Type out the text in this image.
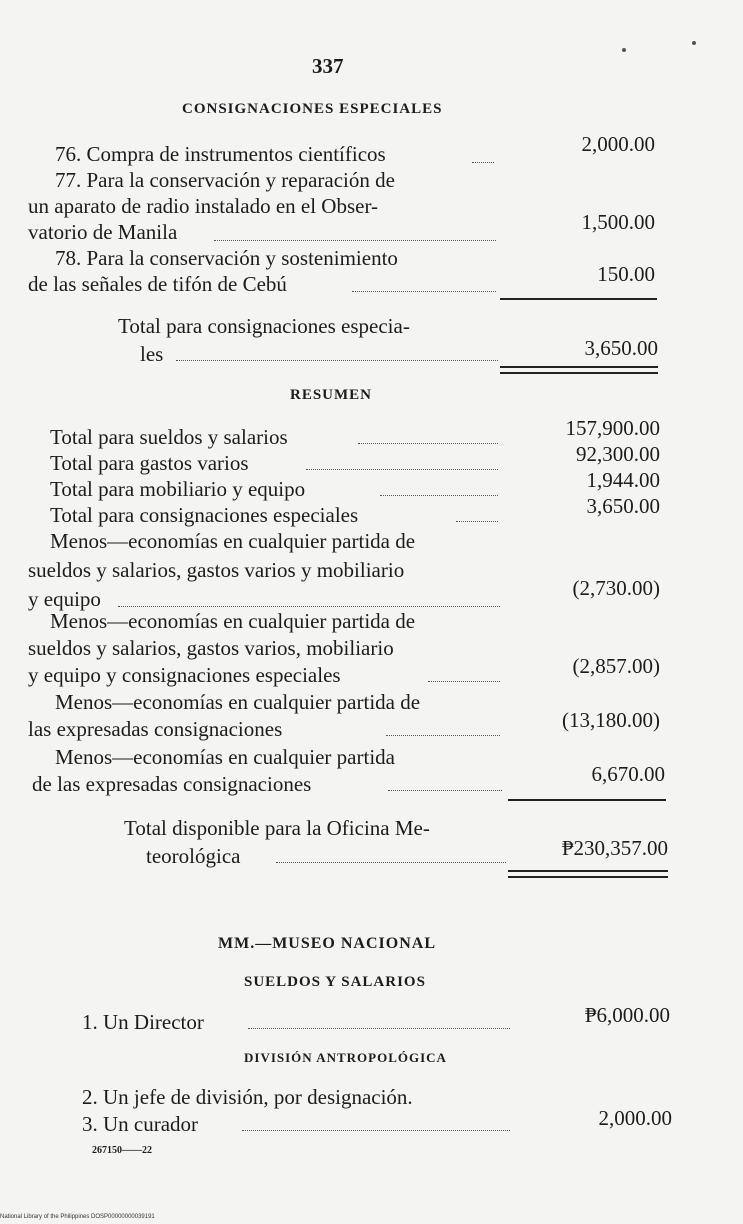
337
CONSIGNACIONES ESPECIALES
76. Compra de instrumentos científicos	2,000.00
77. Para la conservación y reparación de
un aparato de radio instalado en el Obser-
vatorio de Manila	1,500.00
78. Para la conservación y sostenimiento
de las señales de tifón de Cebú	150.00
Total para consignaciones especia-
les	3,650.00
RESUMEN
Total para sueldos y salarios	157,900.00
Total para gastos varios	92,300.00
Total para mobiliario y equipo	1,944.00
Total para consignaciones especiales	3,650.00
Menos—economías en cualquier partida de
sueldos y salarios, gastos varios y mobiliario
y equipo	(2,730.00)
Menos—economías en cualquier partida de
sueldos y salarios, gastos varios, mobiliario
y equipo y consignaciones especiales	(2,857.00)
Menos—economías en cualquier partida de
las expresadas consignaciones	(13,180.00)
Menos—economías en cualquier partida
de las expresadas consignaciones	6,670.00
Total disponible para la Oficina Me-
teorológica	₱230,357.00
MM.—MUSEO NACIONAL
SUELDOS Y SALARIOS
1. Un Director	₱6,000.00
DIVISIÓN ANTROPOLÓGICA
2. Un jefe de división, por designación.
3. Un curador	2,000.00
267150——22
National Library of the Philippines DOSP00000000039191
